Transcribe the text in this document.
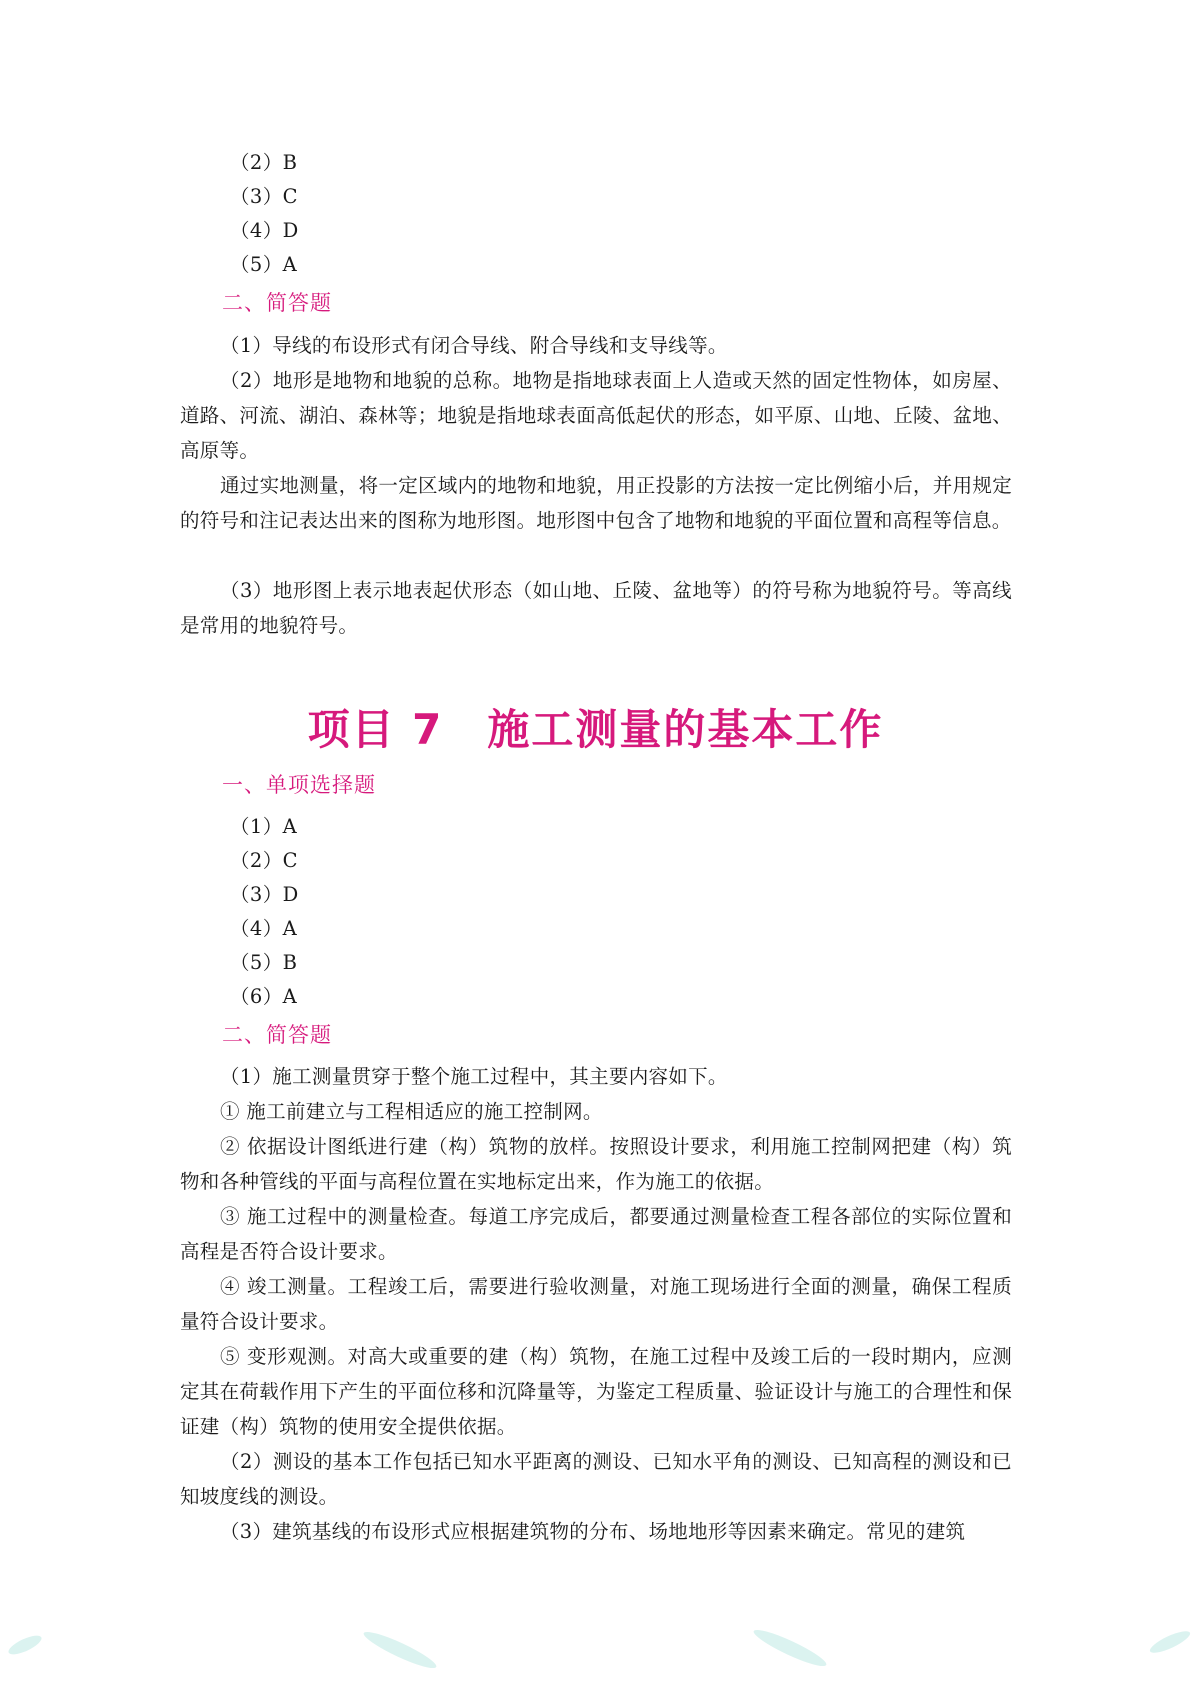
（2）B
（3）C
（4）D
（5）A
二、简答题
（1）导线的布设形式有闭合导线、附合导线和支导线等。
（2）地形是地物和地貌的总称。地物是指地球表面上人造或天然的固定性物体，如房屋、道路、河流、湖泊、森林等；地貌是指地球表面高低起伏的形态，如平原、山地、丘陵、盆地、高原等。
通过实地测量，将一定区域内的地物和地貌，用正投影的方法按一定比例缩小后，并用规定的符号和注记表达出来的图称为地形图。地形图中包含了地物和地貌的平面位置和高程等信息。
（3）地形图上表示地表起伏形态（如山地、丘陵、盆地等）的符号称为地貌符号。等高线是常用的地貌符号。
项目 7　施工测量的基本工作
一、单项选择题
（1）A
（2）C
（3）D
（4）A
（5）B
（6）A
二、简答题
（1）施工测量贯穿于整个施工过程中，其主要内容如下。
① 施工前建立与工程相适应的施工控制网。
② 依据设计图纸进行建（构）筑物的放样。按照设计要求，利用施工控制网把建（构）筑物和各种管线的平面与高程位置在实地标定出来，作为施工的依据。
③ 施工过程中的测量检查。每道工序完成后，都要通过测量检查工程各部位的实际位置和高程是否符合设计要求。
④ 竣工测量。工程竣工后，需要进行验收测量，对施工现场进行全面的测量，确保工程质量符合设计要求。
⑤ 变形观测。对高大或重要的建（构）筑物，在施工过程中及竣工后的一段时期内，应测定其在荷载作用下产生的平面位移和沉降量等，为鉴定工程质量、验证设计与施工的合理性和保证建（构）筑物的使用安全提供依据。
（2）测设的基本工作包括已知水平距离的测设、已知水平角的测设、已知高程的测设和已知坡度线的测设。
（3）建筑基线的布设形式应根据建筑物的分布、场地地形等因素来确定。常见的建筑
